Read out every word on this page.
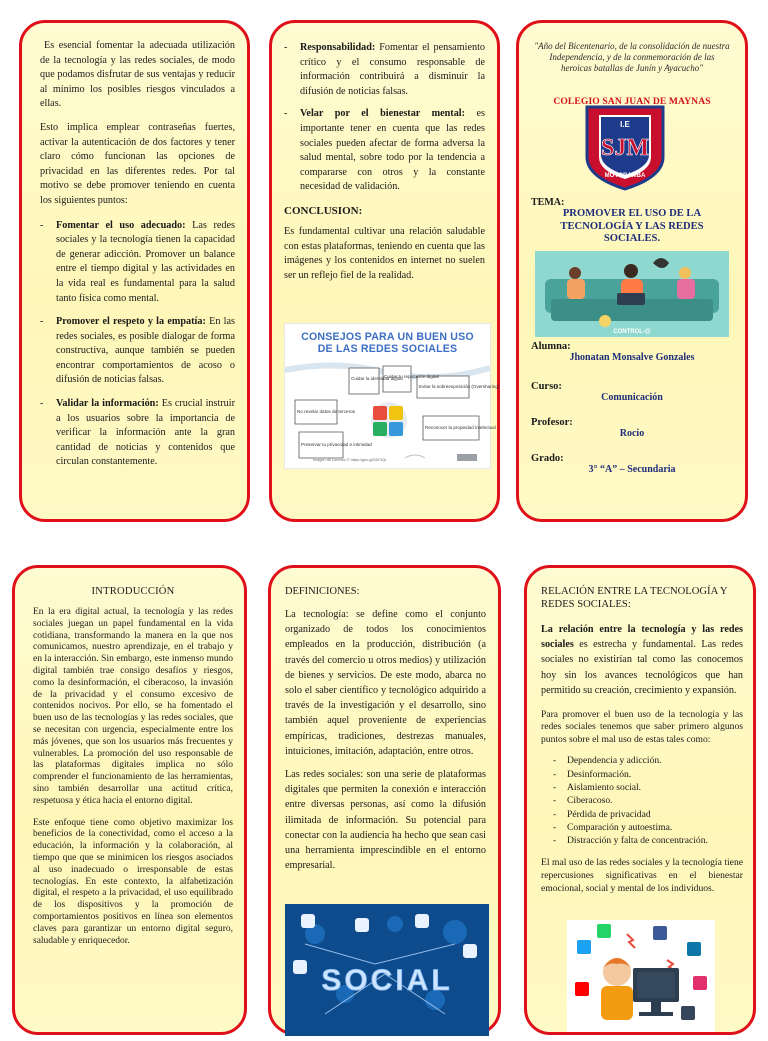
Es esencial fomentar la adecuada utilización de la tecnología y las redes sociales, de modo que podamos disfrutar de sus ventajas y reducir al mínimo los posibles riesgos vinculados a ellas.

Esto implica emplear contraseñas fuertes, activar la autenticación de dos factores y tener claro cómo funcionan las opciones de privacidad en las diferentes redes. Por tal motivo se debe promover teniendo en cuenta los siguientes puntos:

-	Fomentar el uso adecuado: Las redes sociales y la tecnología tienen la capacidad de generar adicción. Promover un balance entre el tiempo digital y las actividades en la vida real es fundamental para la salud tanto física como mental.

-	Promover el respeto y la empatía: En las redes sociales, es posible dialogar de forma constructiva, aunque también se pueden encontrar comportamientos de acoso o difusión de noticias falsas.

-	Validar la información: Es crucial instruir a los usuarios sobre la importancia de verificar la información ante la gran cantidad de noticias y contenidos que circulan constantemente.

-	Responsabilidad: Fomentar el pensamiento crítico y el consumo responsable de información contribuirá a disminuir la difusión de noticias falsas.

-	Velar por el bienestar mental: es importante tener en cuenta que las redes sociales pueden afectar de forma adversa la salud mental, sobre todo por la tendencia a compararse con otros y la constante necesidad de validación.

CONCLUSION:

Es fundamental cultivar una relación saludable con estas plataformas, teniendo en cuenta que las imágenes y los contenidos en internet no suelen ser un reflejo fiel de la realidad.

CONSEJOS PARA UN BUEN USO
DE LAS REDES SOCIALES
Cuidar la identidad digital
Cuidar tu reputación digital
Evitar la sobreexposición (Oversharing)
No revelar datos de terceros
Reconocer la propiedad intelectual
Preservar tu privacidad e intimidad
Imagen de Lorenzo © https://goo.gl/28Y3Qr

"Año del Bicentenario, de la consolidación de nuestra Independencia, y de la conmemoración de las heroicas batallas de Junín y Ayacucho"

COLEGIO SAN JUAN DE MAYNAS

I.E
SJM
MOYOBAMBA

TEMA:

PROMOVER EL USO DE LA TECNOLOGÍA Y LAS REDES SOCIALES.

CONTROL-@

Alumna:

Jhonatan Monsalve Gonzales

Curso:

Comunicación

Profesor:

Rocio

Grado:

3° “A” – Secundaria

INTRODUCCIÓN

En la era digital actual, la tecnología y las redes sociales juegan un papel fundamental en la vida cotidiana, transformando la manera en la que nos comunicamos, nuestro aprendizaje, en el trabajo y en la interacción. Sin embargo, este inmenso mundo digital también trae consigo desafíos y riesgos, como la desinformación, el ciberacoso, la invasión de la privacidad y el consumo excesivo de contenidos nocivos. Por ello, se ha fomentado el buen uso de las tecnologías y las redes sociales, que se necesitan con urgencia, especialmente entre los más jóvenes, que son los usuarios más frecuentes y vulnerables. La promoción del uso responsable de las plataformas digitales implica no sólo comprender el funcionamiento de las herramientas, sino también desarrollar una actitud crítica, respetuosa y ética hacia el entorno digital.

Este enfoque tiene como objetivo maximizar los beneficios de la conectividad, como el acceso a la educación, la información y la colaboración, al tiempo que que se minimicen los riesgos asociados al uso inadecuado o irresponsable de estas tecnologías. En este contexto, la alfabetización digital, el respeto a la privacidad, el uso equilibrado de los dispositivos y la promoción de comportamientos positivos en línea son elementos claves para garantizar un entorno digital seguro, saludable y enriquecedor.

DEFINICIONES:

La tecnología: se define como el conjunto organizado de todos los conocimientos empleados en la producción, distribución (a través del comercio u otros medios) y utilización de bienes y servicios. De este modo, abarca no solo el saber científico y tecnológico adquirido a través de la investigación y el desarrollo, sino también aquel proveniente de experiencias empíricas, tradiciones, destrezas manuales, intuiciones, imitación, adaptación, entre otros.

Las redes sociales: son una serie de plataformas digitales que permiten la conexión e interacción entre diversas personas, así como la difusión ilimitada de información. Su potencial para conectar con la audiencia ha hecho que sean casi una herramienta imprescindible en el entorno empresarial.

SOCIAL

RELACIÓN ENTRE LA TECNOLOGÍA Y REDES SOCIALES:

La relación entre la tecnología y las redes sociales es estrecha y fundamental. Las redes sociales no existirían tal como las conocemos hoy sin los avances tecnológicos que han permitido su creación, crecimiento y expansión.

Para promover el buen uso de la tecnología y las redes sociales tenemos que saber primero algunos puntos sobre el mal uso de estas tales como:

- Dependencia y adicción.
- Desinformación.
- Aislamiento social.
- Ciberacoso.
- Pérdida de privacidad
- Comparación y autoestima.
- Distracción y falta de concentración.

El mal uso de las redes sociales y la tecnología tiene repercusiones significativas en el bienestar emocional, social y mental de los individuos.
